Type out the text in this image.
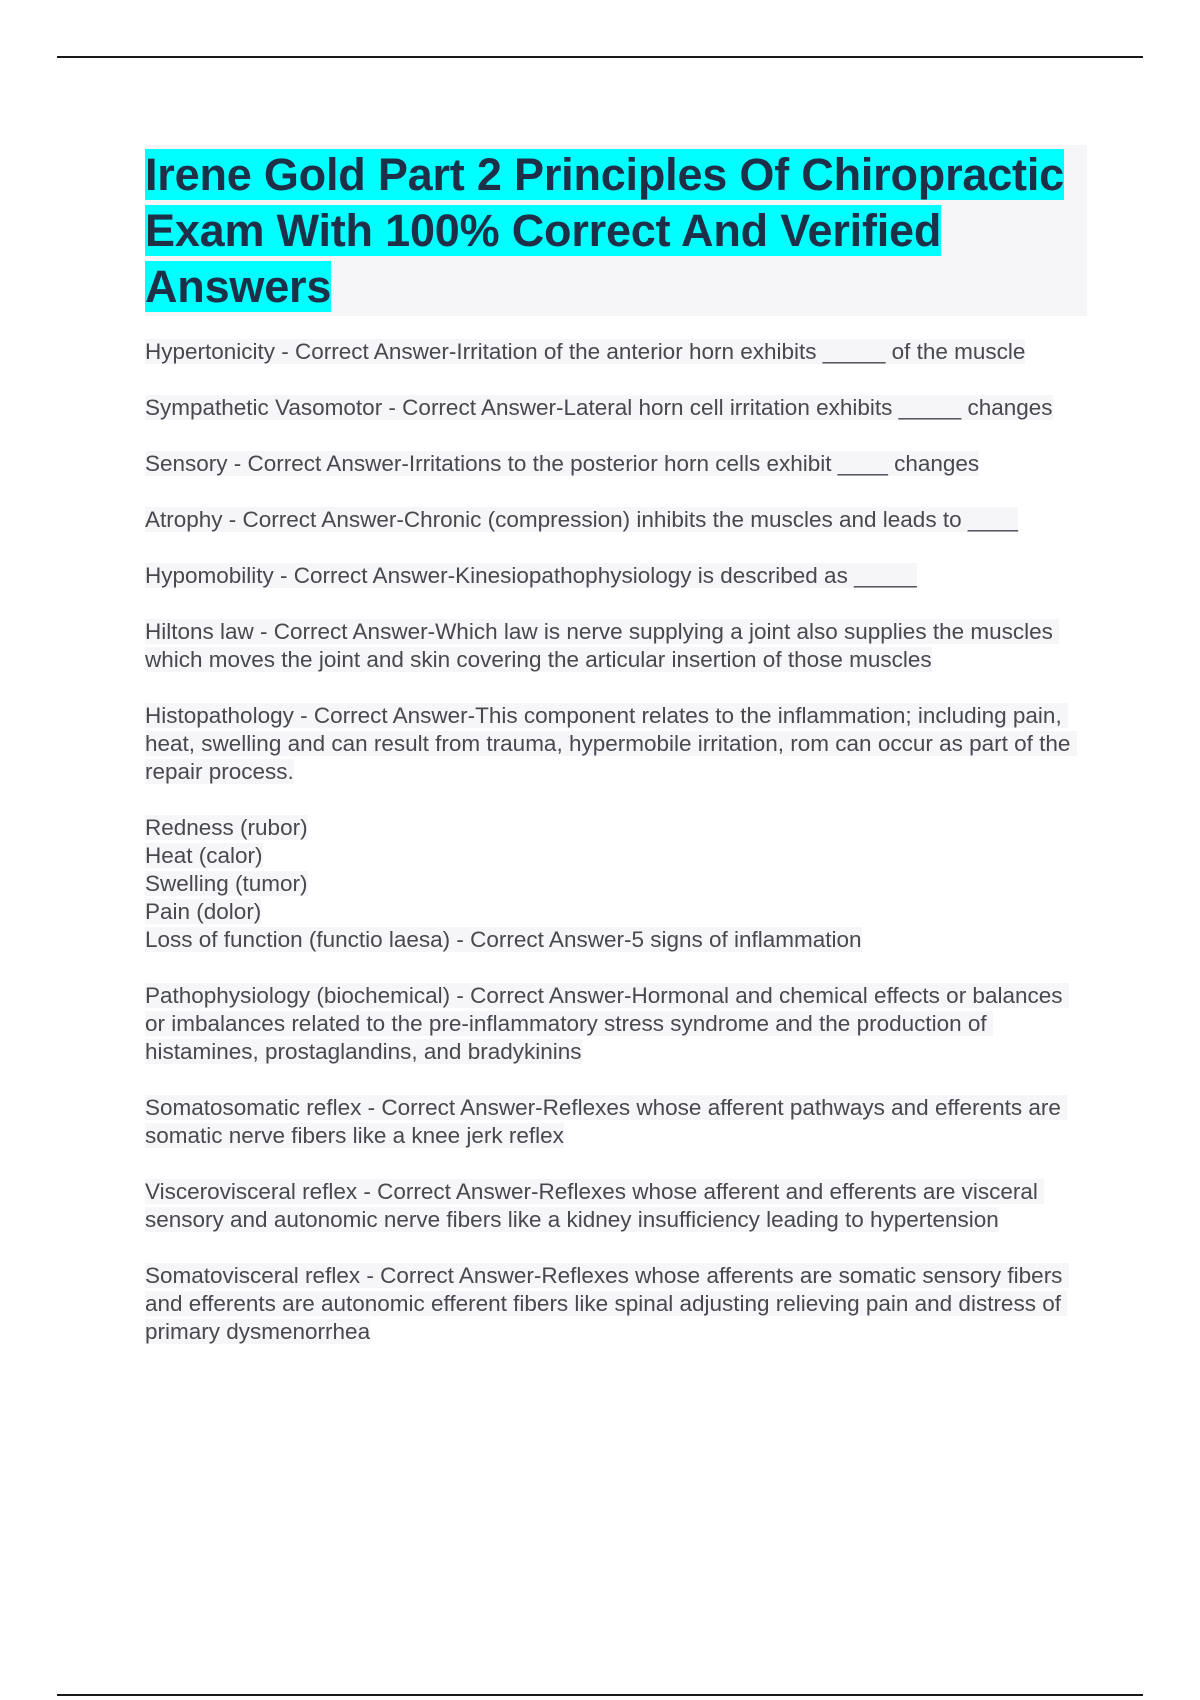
Irene Gold Part 2 Principles Of Chiropractic Exam With 100% Correct And Verified Answers
Hypertonicity - Correct Answer-Irritation of the anterior horn exhibits _____ of the muscle
Sympathetic Vasomotor - Correct Answer-Lateral horn cell irritation exhibits _____ changes
Sensory - Correct Answer-Irritations to the posterior horn cells exhibit ____ changes
Atrophy - Correct Answer-Chronic (compression) inhibits the muscles and leads to ____
Hypomobility - Correct Answer-Kinesiopathophysiology is described as _____
Hiltons law - Correct Answer-Which law is nerve supplying a joint also supplies the muscles which moves the joint and skin covering the articular insertion of those muscles
Histopathology - Correct Answer-This component relates to the inflammation; including pain, heat, swelling and can result from trauma, hypermobile irritation, rom can occur as part of the repair process.
Redness (rubor)
Heat (calor)
Swelling (tumor)
Pain (dolor)
Loss of function (functio laesa) - Correct Answer-5 signs of inflammation
Pathophysiology (biochemical) - Correct Answer-Hormonal and chemical effects or balances or imbalances related to the pre-inflammatory stress syndrome and the production of histamines, prostaglandins, and bradykinins
Somatosomatic reflex - Correct Answer-Reflexes whose afferent pathways and efferents are somatic nerve fibers like a knee jerk reflex
Viscerovisceral reflex - Correct Answer-Reflexes whose afferent and efferents are visceral sensory and autonomic nerve fibers like a kidney insufficiency leading to hypertension
Somatovisceral reflex - Correct Answer-Reflexes whose afferents are somatic sensory fibers and efferents are autonomic efferent fibers like spinal adjusting relieving pain and distress of primary dysmenorrhea
